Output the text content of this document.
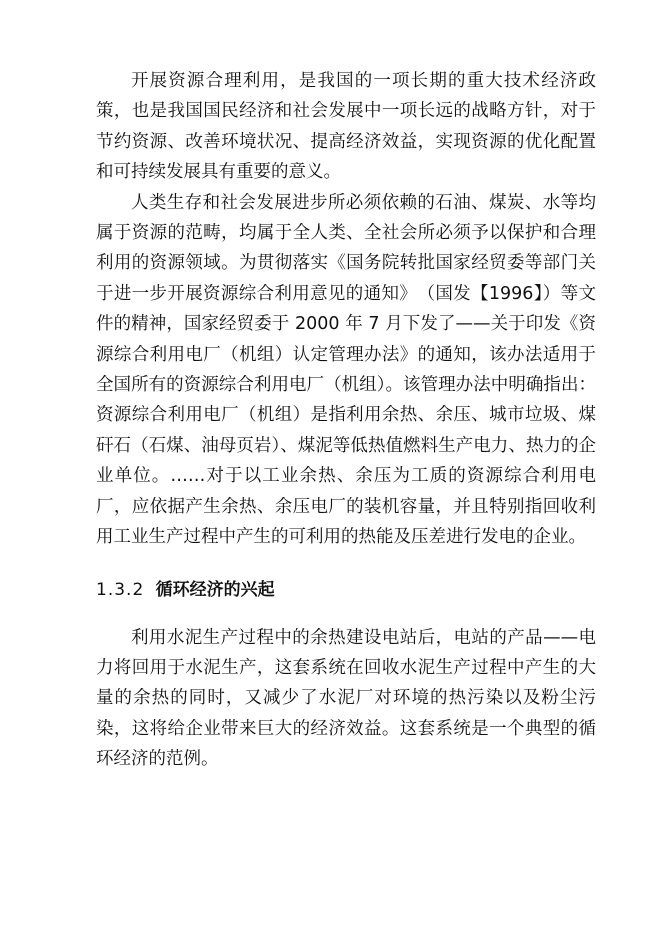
开展资源合理利用，是我国的一项长期的重大技术经济政策，也是我国国民经济和社会发展中一项长远的战略方针，对于节约资源、改善环境状况、提高经济效益，实现资源的优化配置和可持续发展具有重要的意义。

人类生存和社会发展进步所必须依赖的石油、煤炭、水等均属于资源的范畴，均属于全人类、全社会所必须予以保护和合理利用的资源领域。为贯彻落实《国务院转批国家经贸委等部门关于进一步开展资源综合利用意见的通知》　（国发【1996】）等文件的精神，国家经贸委于 2000 年 7 月下发了——关于印发《资源综合利用电厂（机组）认定管理办法》的通知，该办法适用于全国所有的资源综合利用电厂（机组）。该管理办法中明确指出：资源综合利用电厂（机组）是指利用余热、余压、城市垃圾、煤矸石（石煤、油母页岩）、煤泥等低热值燃料生产电力、热力的企业单位。……对于以工业余热、余压为工质的资源综合利用电厂，应依据产生余热、余压电厂的装机容量，并且特别指回收利用工业生产过程中产生的可利用的热能及压差进行发电的企业。

1.3.2 循环经济的兴起

利用水泥生产过程中的余热建设电站后，电站的产品——电力将回用于水泥生产，这套系统在回收水泥生产过程中产生的大量的余热的同时，又减少了水泥厂对环境的热污染以及粉尘污染，这将给企业带来巨大的经济效益。这套系统是一个典型的循环经济的范例。
